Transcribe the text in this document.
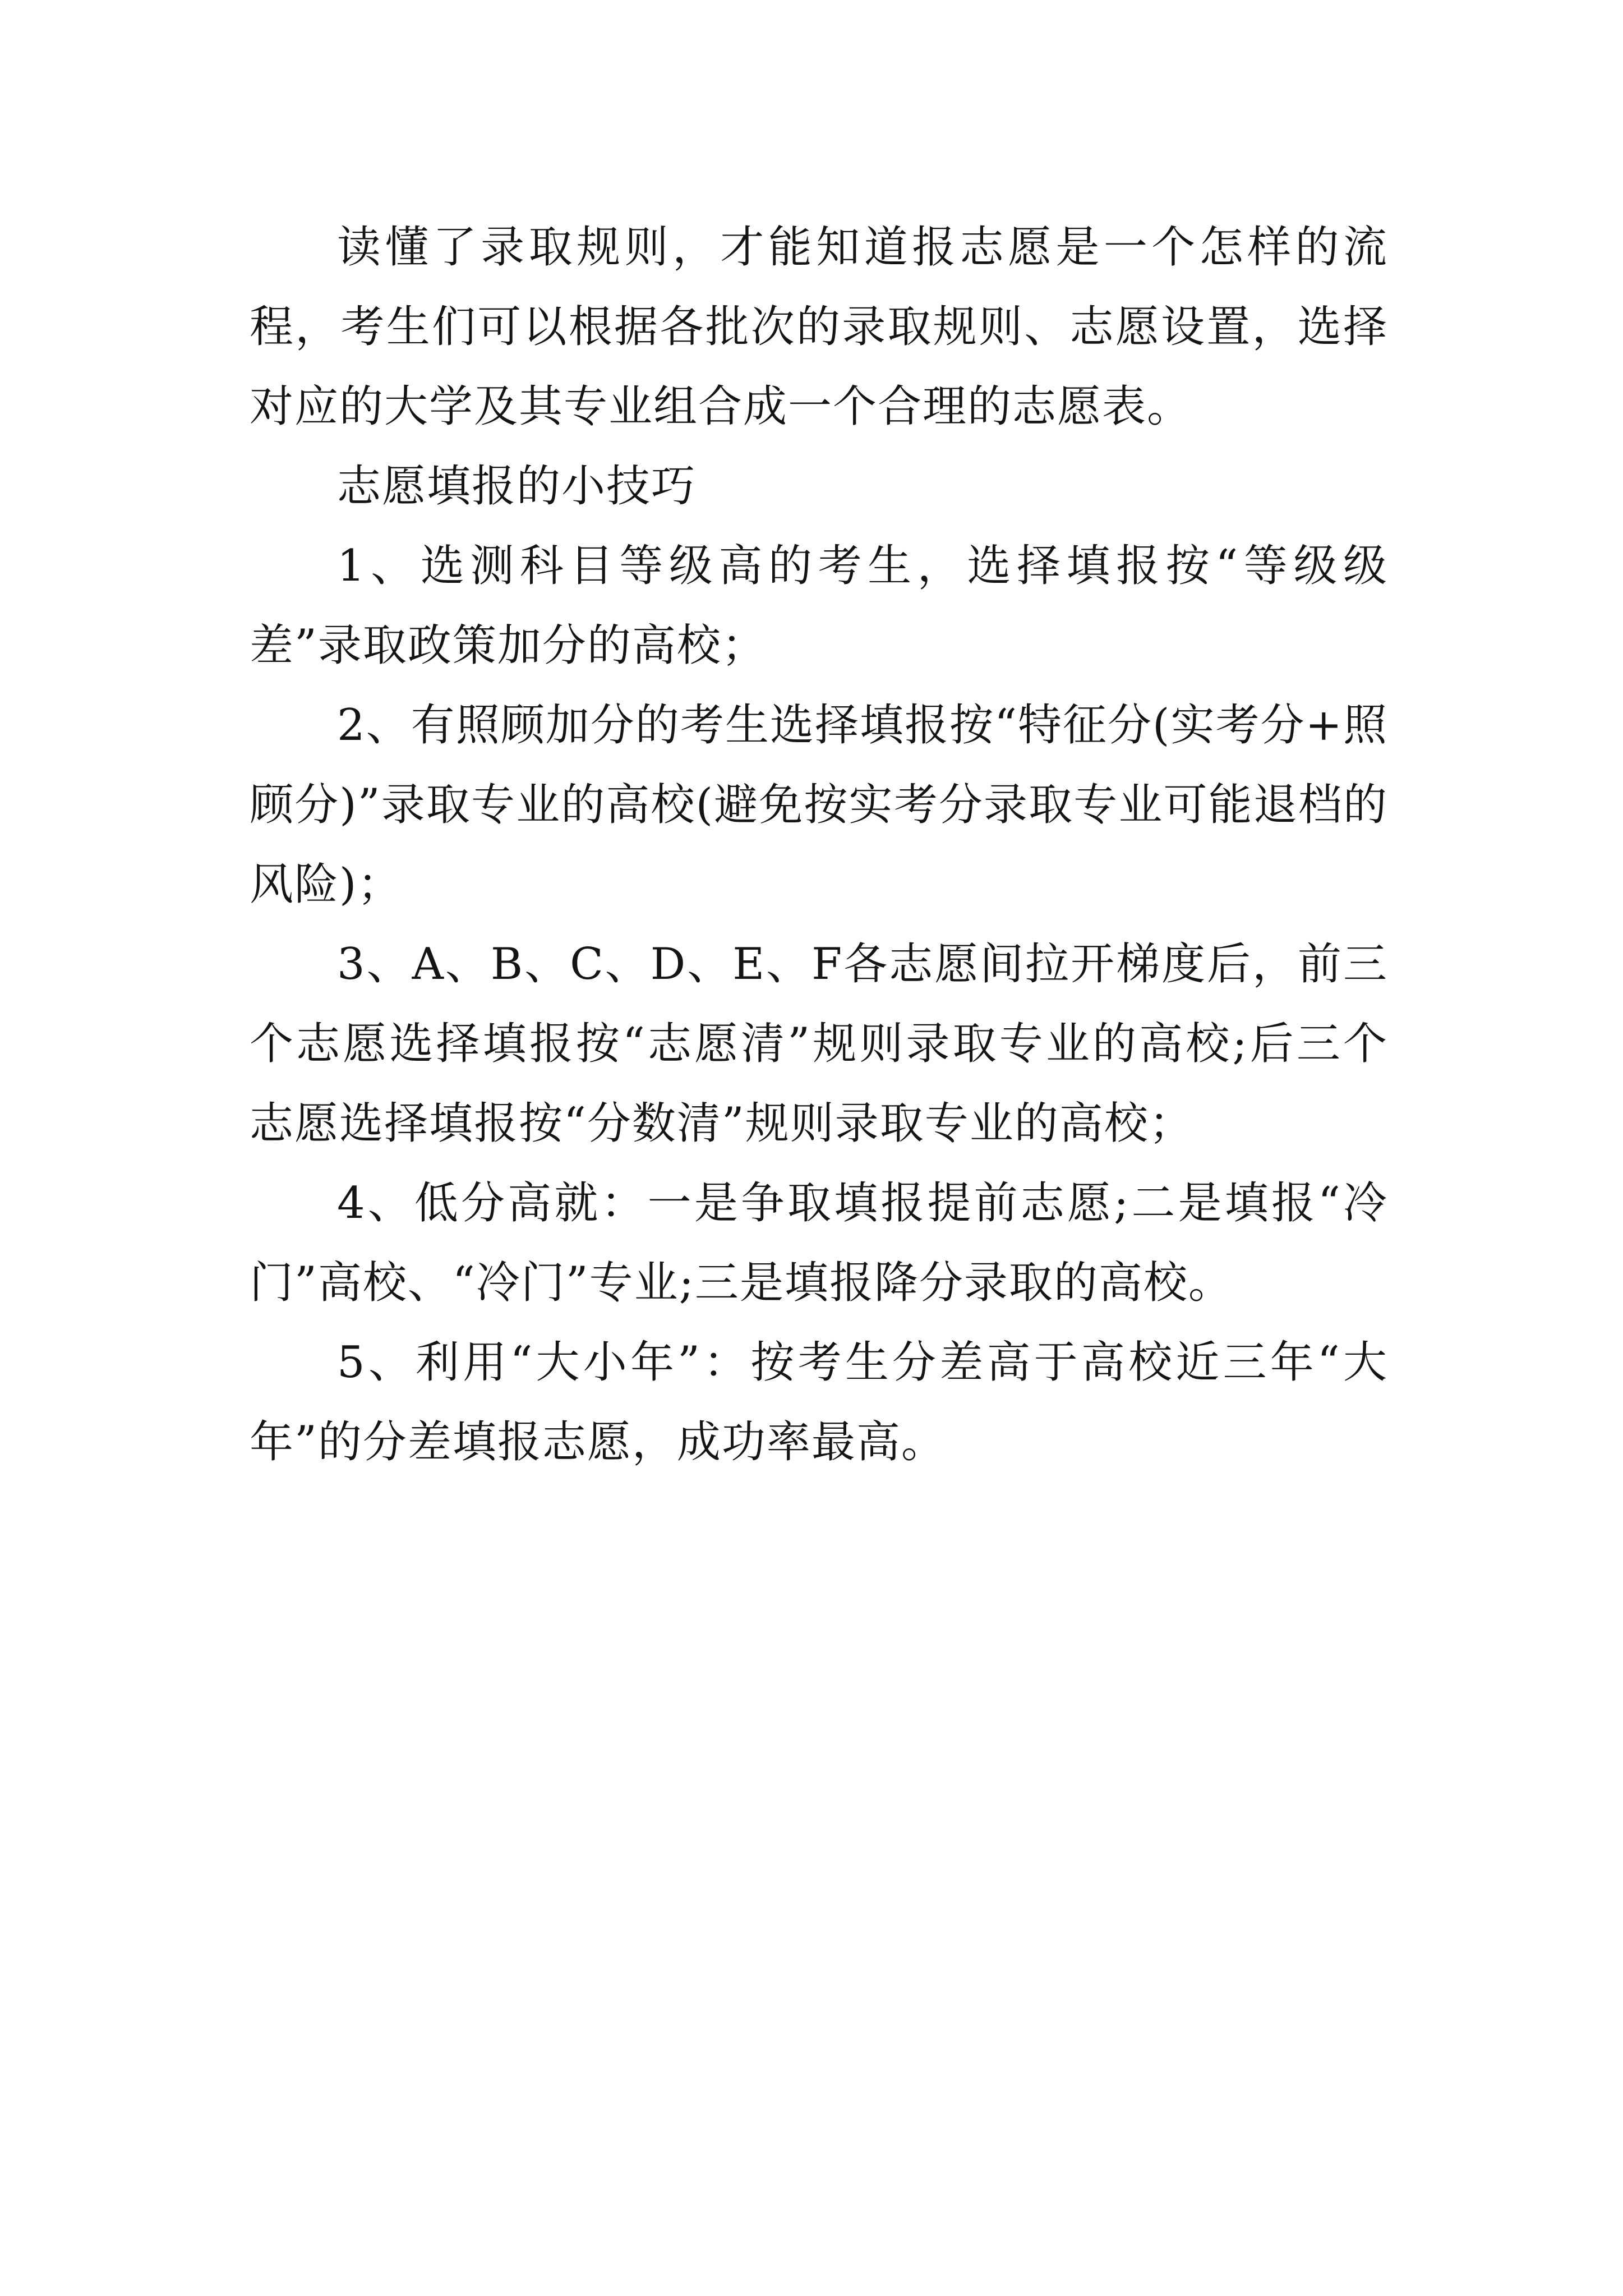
读懂了录取规则，才能知道报志愿是一个怎样的流程，考生们可以根据各批次的录取规则、志愿设置，选择对应的大学及其专业组合成一个合理的志愿表。

志愿填报的小技巧

1、选测科目等级高的考生，选择填报按“等级级差”录取政策加分的高校；

2、有照顾加分的考生选择填报按“特征分(实考分+照顾分)”录取专业的高校(避免按实考分录取专业可能退档的风险)；

3、A、B、C、D、E、F各志愿间拉开梯度后，前三个志愿选择填报按“志愿清”规则录取专业的高校;后三个志愿选择填报按“分数清”规则录取专业的高校；

4、低分高就：一是争取填报提前志愿;二是填报“冷门”高校、“冷门”专业;三是填报降分录取的高校。

5、利用“大小年”：按考生分差高于高校近三年“大年”的分差填报志愿，成功率最高。
